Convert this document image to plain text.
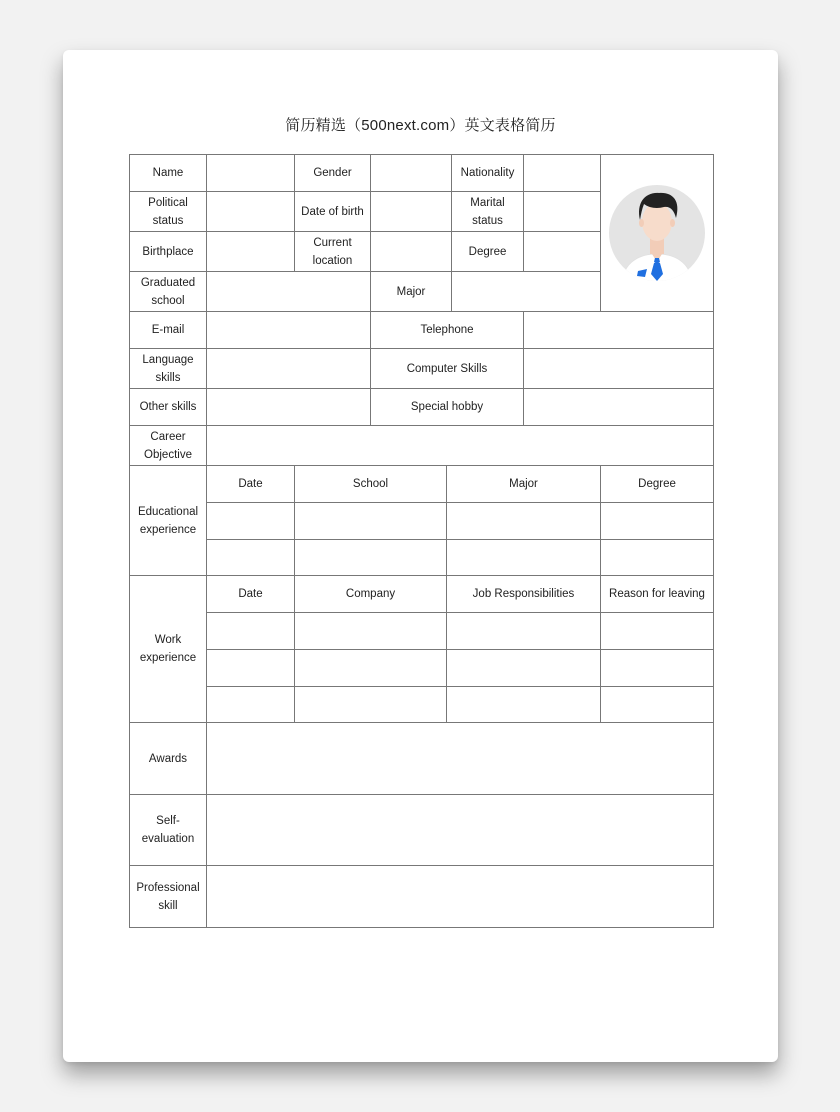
简历精选（500next.com）英文表格简历
Name		Gender			Nationality		

Political status		Date of birth			Marital status		
Birthplace		Current location			Degree		
Graduated school			Major				
E-mail			Telephone				
Language skills			Computer Skills				
Other skills			Special hobby				
Career Objective							
Educational experience	Date	School		Major			Degree

Work experience	Date	Company		Job Responsibilities			Reason for leaving

Awards							
Self-evaluation							
Professional skill							
